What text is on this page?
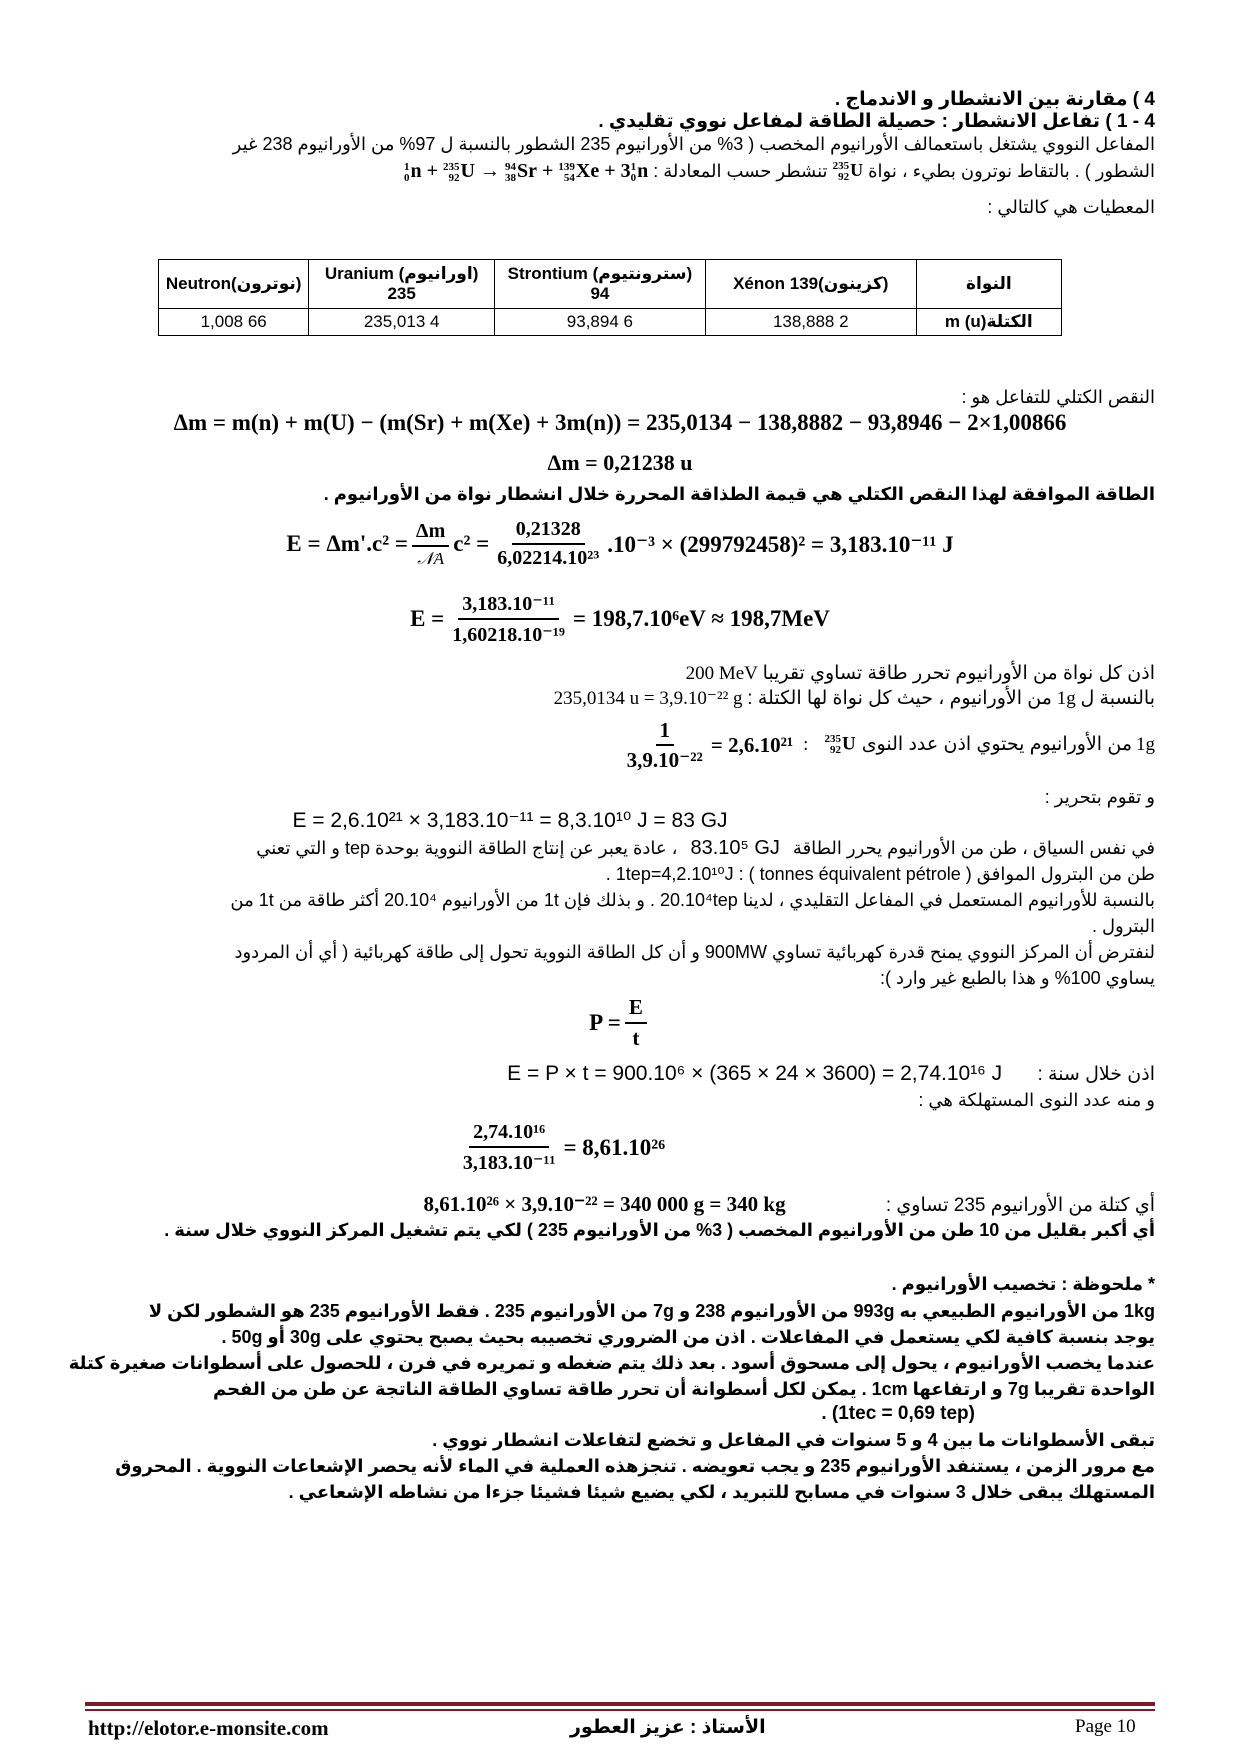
4 ) مقارنة بين الانشطار و الاندماج .
4 - 1 ) تفاعل الانشطار : حصيلة الطاقة لمفاعل نووي تقليدي .
المفاعل النووي يشتغل باستعمالف الأورانيوم المخصب ( 3% من الأورانيوم 235 الشطور بالنسبة ل 97% من الأورانيوم 238 غير
الشطور ) . بالتقاط نوترون بطيء ، نواة
235
92 U تنشطر حسب المعادلة :
1
0 n + 235
92 U → 94
38 Sr + 139
54 Xe + 3 1
0 n
المعطيات هي كالتالي :
Neutron(نوترون)	Uranium (اورانيوم) 235	Strontium (سترونتيوم) 94	Xénon 139(كزينون)	النواة
1,008 66	235,013 4	93,894 6	138,888 2	m (u)الكتلة
النقص الكتلي للتفاعل هو :
Δm = m(n) + m(U) − (m(Sr) + m(Xe) + 3m(n)) = 235,0134 − 138,8882 − 93,8946 − 2×1,00866
Δm = 0,21238 u
الطاقة الموافقة لهذا النقص الكتلي هي قيمة الطذاقة المحررة خلال انشطار نواة من الأورانيوم .
$E = \Delta m'.c^2 = \frac{\Delta m}{\text{𝒩A}} c^2 = \frac{0,21328}{\text{6,02214.10²³}} .10^{-3} \times (299792458)^2 = 3,183.10^{-11}$ J
$E = \frac{\text{3,183.10⁻¹¹}}{\text{1,60218.10⁻¹⁹}} = 198,7.10^6eV \approx 198,7MeV$
اذن كل نواة من الأورانيوم تحرر طاقة تساوي تقريبا 200 MeV
بالنسبة ل 1g من الأورانيوم ، حيث كل نواة لها الكتلة : 235,0134 u = 3,9.10⁻²² g
1g
من الأورانيوم يحتوي اذن عدد النوى
235
92 U
:
$\frac{1}{\text{3,9.10⁻²²}} = 2,6.10^{21}$
و تقوم بتحرير :
E = 2,6.10²¹ × 3,183.10⁻¹¹ = 8,3.10¹⁰ J = 83 GJ
في نفس السياق ، طن من الأورانيوم يحرر الطاقة 83.10⁵ GJ ، عادة يعبر عن إنتاج الطاقة النووية بوحدة tep و التي تعني
طن من البترول الموافق ( tonnes équivalent pétrole ) : 1tep=4,2.10¹⁰J .
بالنسبة للأورانيوم المستعمل في المفاعل التقليدي ، لدينا 20.10⁴tep . و بذلك فإن 1t من الأورانيوم 20.10⁴ أكثر طاقة من 1t من
البترول .
لنفترض أن المركز النووي يمنح قدرة كهربائية تساوي 900MW و أن كل الطاقة النووية تحول إلى طاقة كهربائية ( أي أن المردود
يساوي 100% و هذا بالطبع غير وارد ):
$P = \frac{E}{t}$
اذن خلال سنة : E = P × t = 900.10⁶ × (365 × 24 × 3600) = 2,74.10¹⁶ J
و منه عدد النوى المستهلكة هي :
$\frac{\text{2,74.10¹⁶}}{\text{3,183.10⁻¹¹}} = 8,61.10^{26}$
أي كتلة من الأورانيوم 235 تساوي : 8,61.10²⁶ × 3,9.10⁻²² = 340 000 g = 340 kg
أي أكبر بقليل من 10 طن من الأورانيوم المخصب ( 3% من الأورانيوم 235 ) لكي يتم تشغيل المركز النووي خلال سنة .
* ملحوظة : تخصيب الأورانيوم .
1kg من الأورانيوم الطبيعي به 993g من الأورانيوم 238 و 7g من الأورانيوم 235 . فقط الأورانيوم 235 هو الشطور لكن لا
يوجد بنسبة كافية لكي يستعمل في المفاعلات . اذن من الضروري تخصيبه بحيث يصبح يحتوي على 30g أو 50g .
عندما يخصب الأورانيوم ، يحول إلى مسحوق أسود . بعد ذلك يتم ضغطه و تمريره في فرن ، للحصول على أسطوانات صغيرة كتلة
الواحدة تقريبا 7g و ارتفاعها 1cm . يمكن لكل أسطوانة أن تحرر طاقة تساوي الطاقة الناتجة عن طن من الفحم
. (1tec = 0,69 tep)
تبقى الأسطوانات ما بين 4 و 5 سنوات في المفاعل و تخضع لتفاعلات انشطار نووي .
مع مرور الزمن ، يستنفد الأورانيوم 235 و يجب تعويضه . تنجزهذه العملية في الماء لأنه يحصر الإشعاعات النووية . المحروق
المستهلك يبقى خلال 3 سنوات في مسابح للتبريد ، لكي يضيع شيئا فشيئا جزءا من نشاطه الإشعاعي .
http://elotor.e-monsite.com	الأستاذ : عزيز العطور	Page 10
